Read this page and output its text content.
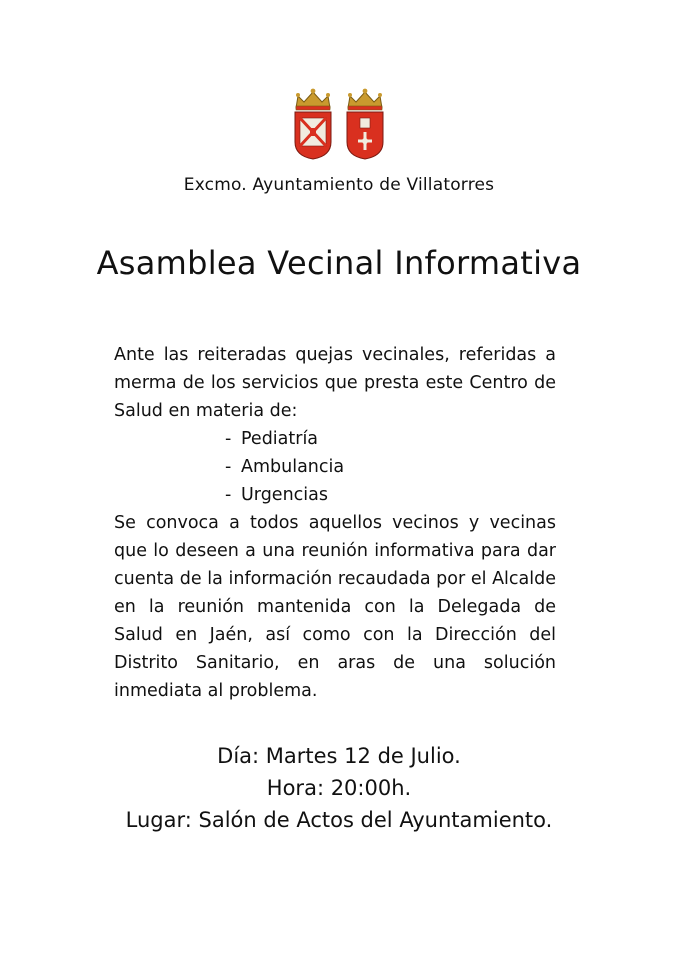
Excmo. Ayuntamiento de Villatorres
Asamblea Vecinal Informativa
Ante las reiteradas quejas vecinales, referidas a merma de los servicios que presta este Centro de Salud en materia de:
- Pediatría
- Ambulancia
- Urgencias
Se convoca a todos aquellos vecinos y vecinas que lo deseen a una reunión informativa para dar cuenta de la información recaudada por el Alcalde en la reunión mantenida con la Delegada de Salud en Jaén, así como con la Dirección del Distrito Sanitario, en aras de una solución inmediata al problema.
Día: Martes 12 de Julio.
Hora: 20:00h.
Lugar: Salón de Actos del Ayuntamiento.
